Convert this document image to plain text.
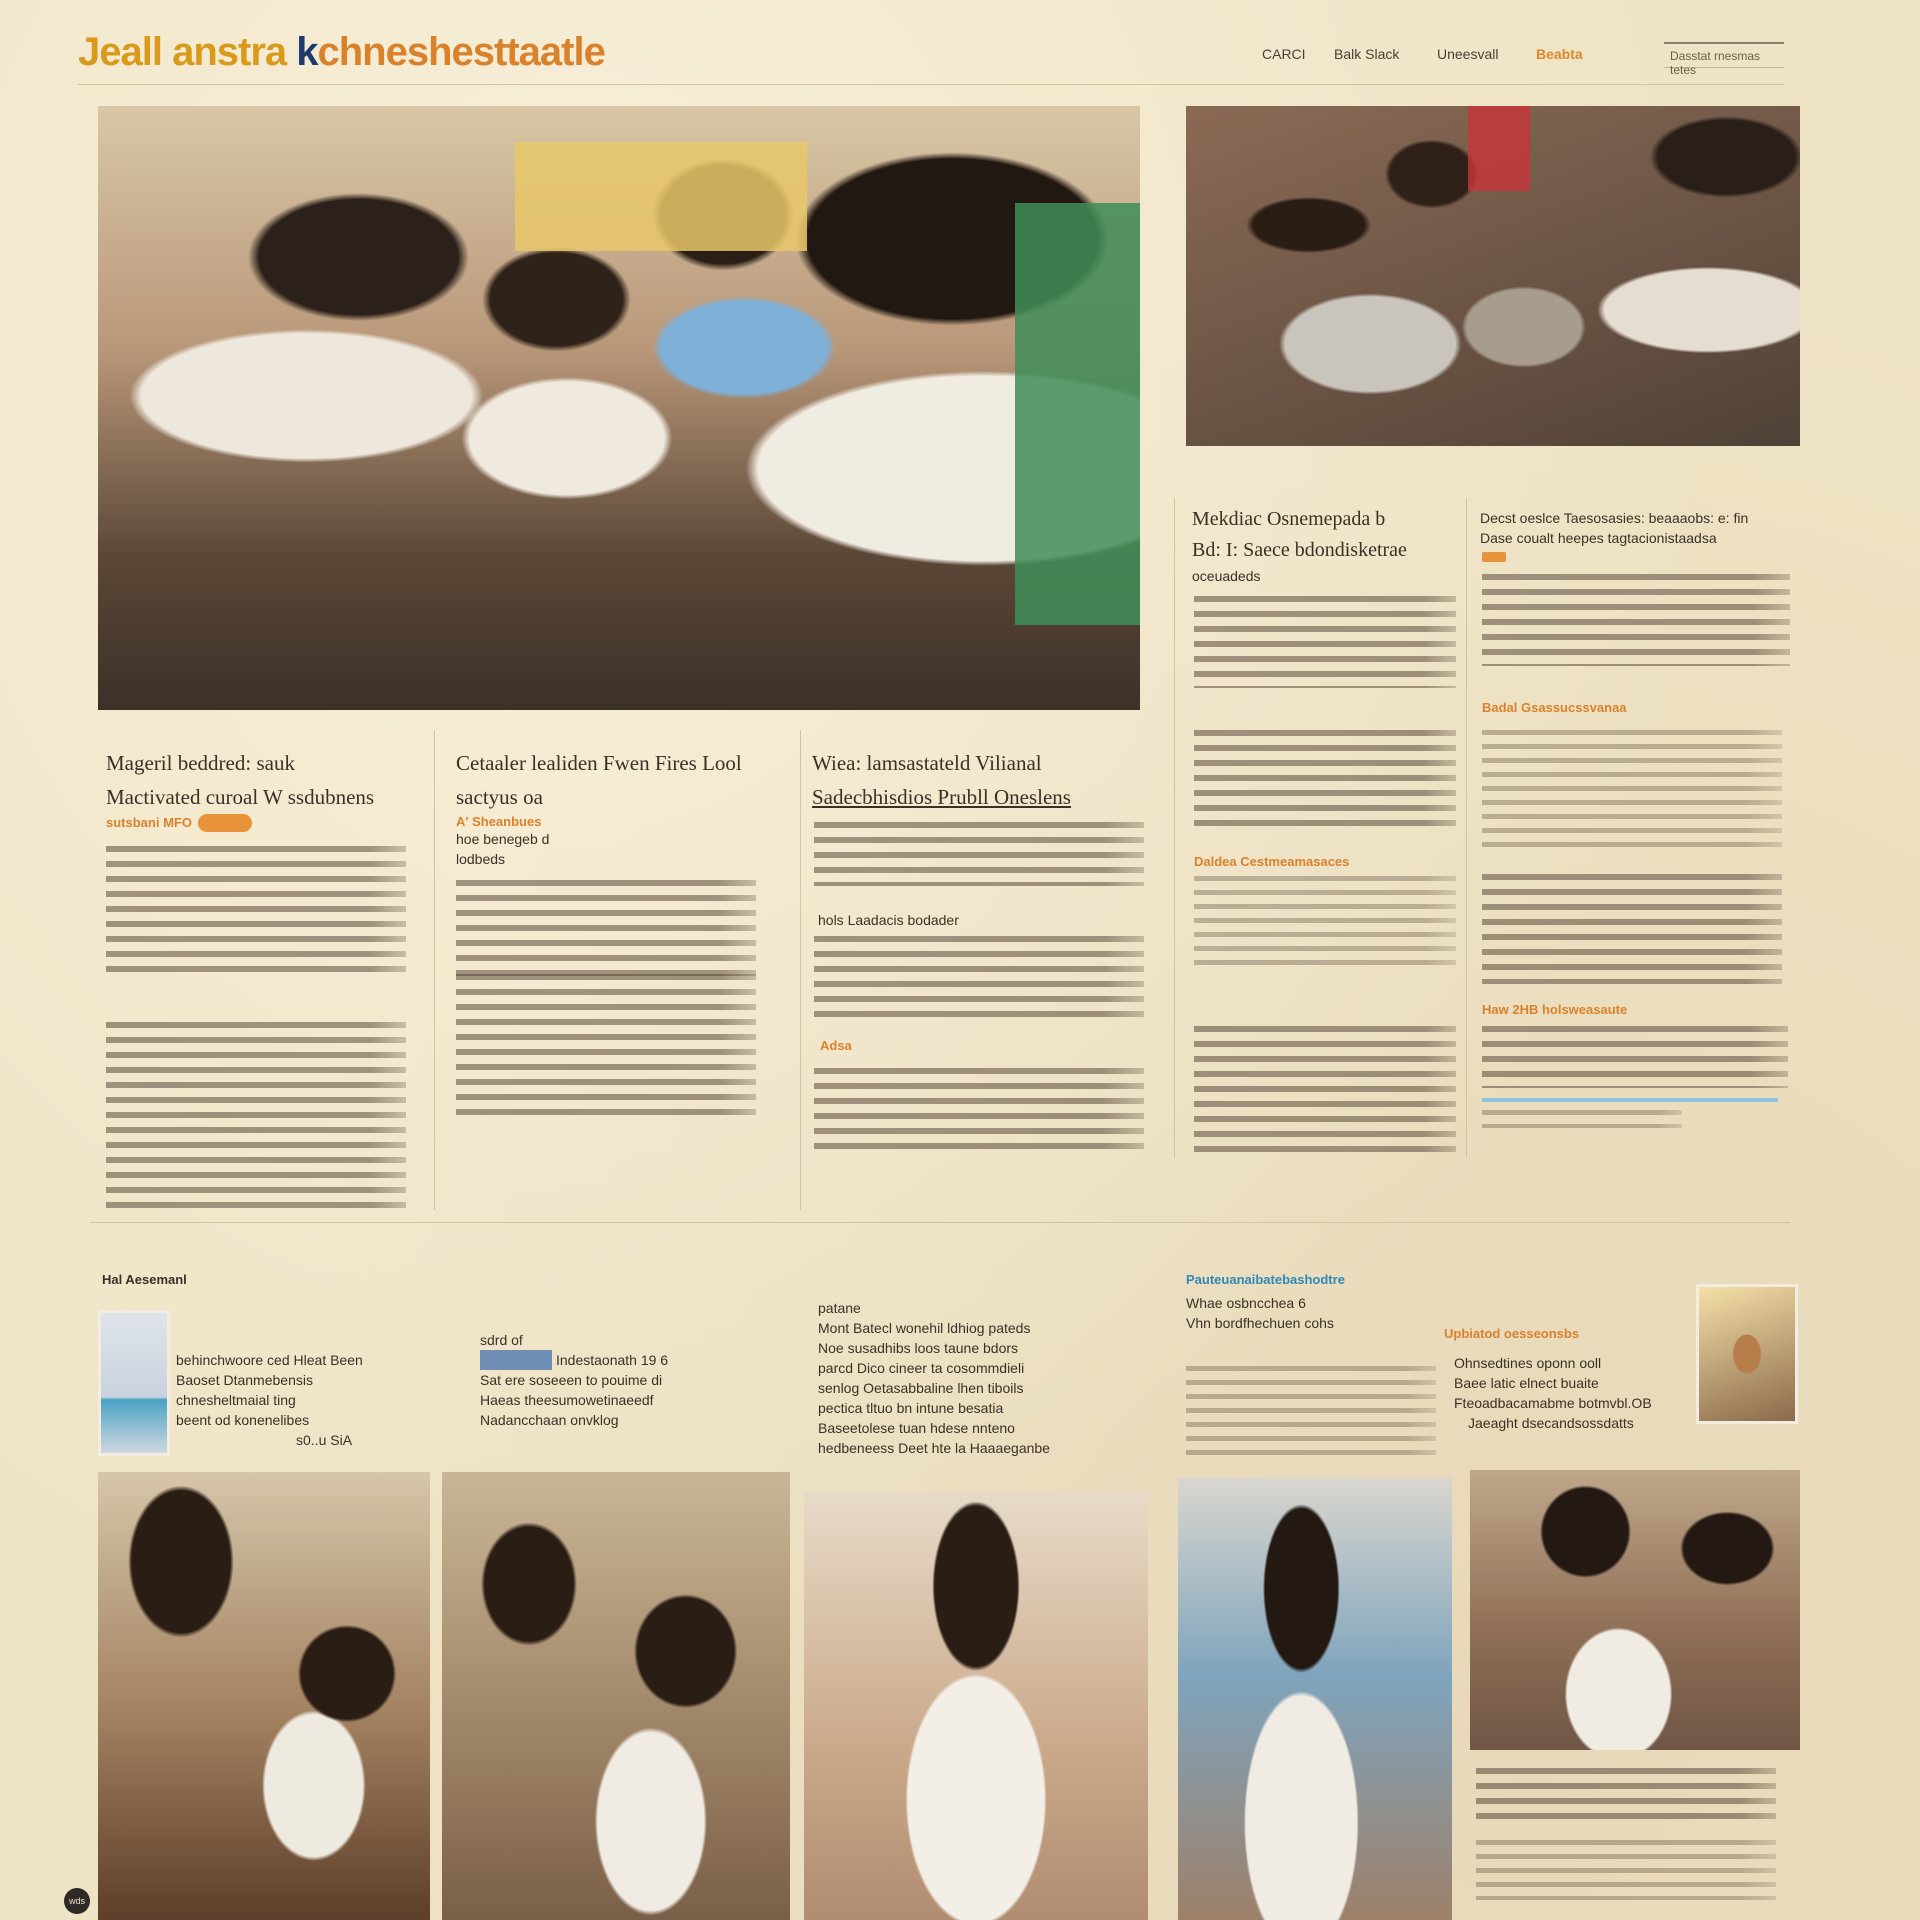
Jeall anstra kchneshesttaatle	CARCI Balk Slack	Uneesvall	Beabta	Dasstat rnesmas tetes
Mekdiac Osnemepada b
Bd: I: Saece bdondisketrae
oceuadeds
Daldea Cestmeamasaces
Decst oeslce Taesosasies: beaaaobs: e: fin
Dase coualt heepes tagtacionistaadsa
Badal Gsassucssvanaa
Haw 2HB holsweasaute
Mageril beddred: sauk
Mactivated curoal W ssdubnens
sutsbani MFO
Cetaaler lealiden Fwen Fires Lool
sactyus oa
A' Sheanbues
hoe benegeb d
lodbeds
Wiea: lamsastateld Vilianal
Sadecbhisdios Prubll Oneslens
hols Laadacis bodader
Adsa
Hal Aesemanl
behinchwoore ced Hleat Been
Baoset Dtanmebensis
chnesheltmaial ting
beent od konenelibes
s0..u SiA
sdrd of
Indestaonath 19 6
Sat ere soseeen to pouime di
Haeas theesumowetinaeedf
Nadancchaan onvklog
patane
Mont Batecl wonehil ldhiog pateds
Noe susadhibs loos taune bdors
parcd Dico cineer ta cosommdieli
senlog Oetasabbaline lhen tiboils
pectica tltuo bn intune besatia
Baseetolese tuan hdese nnteno
hedbeneess Deet hte la Haaaeganbe
Pauteuanaibatebashodtre
Whae osbncchea 6
Vhn bordfhechuen cohs
Upbiatod oesseonsbs
Ohnsedtines oponn ooll
Baee latic elnect buaite
Fteoadbacamabme botmvbl.OB
Jaeaght dsecandsossdatts
wds
